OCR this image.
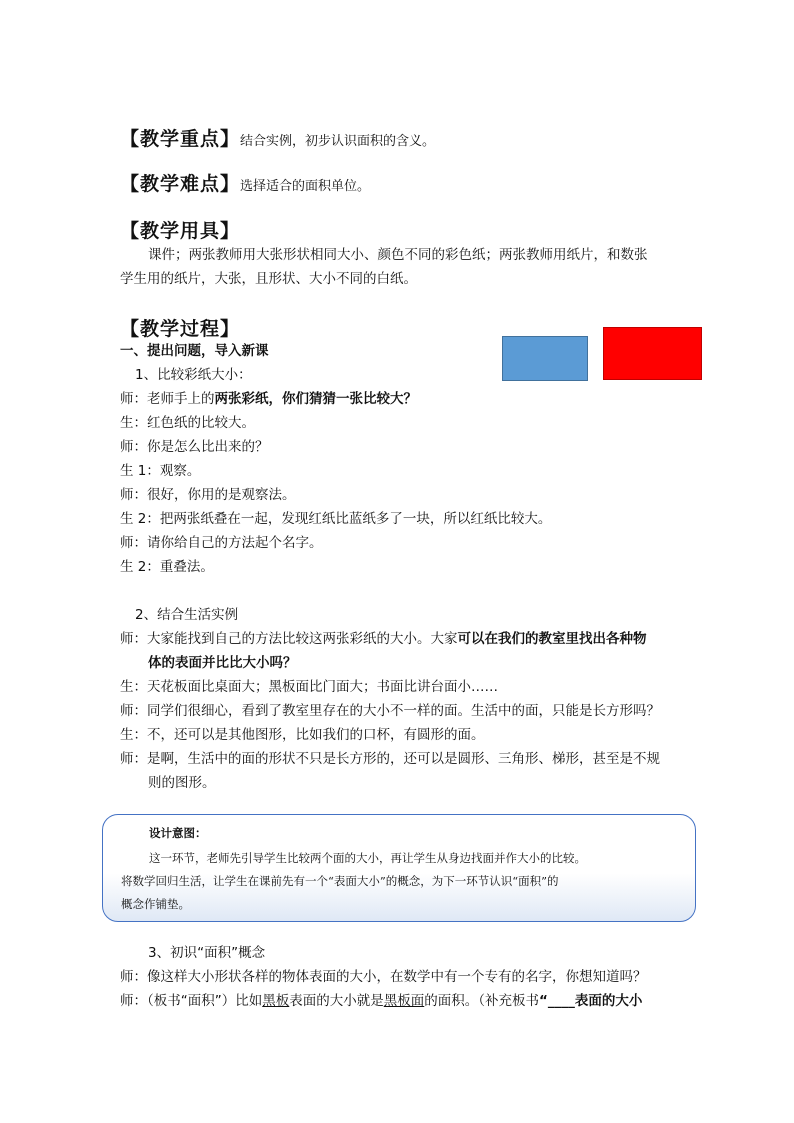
【教学重点】结合实例，初步认识面积的含义。
【教学难点】选择适合的面积单位。
【教学用具】
课件；两张教师用大张形状相同大小、颜色不同的彩色纸；两张教师用纸片，和数张
学生用的纸片，大张，且形状、大小不同的白纸。
【教学过程】
一、提出问题，导入新课
1、比较彩纸大小：
师：老师手上的两张彩纸，你们猜猜一张比较大？
生：红色纸的比较大。
师：你是怎么比出来的？
生 1：观察。
师：很好，你用的是观察法。
生 2：把两张纸叠在一起，发现红纸比蓝纸多了一块，所以红纸比较大。
师：请你给自己的方法起个名字。
生 2：重叠法。
2、结合生活实例
师：大家能找到自己的方法比较这两张彩纸的大小。大家可以在我们的教室里找出各种物
体的表面并比比大小吗？
生：天花板面比桌面大；黑板面比门面大；书面比讲台面小……
师：同学们很细心，看到了教室里存在的大小不一样的面。生活中的面，只能是长方形吗？
生：不，还可以是其他图形，比如我们的口杯，有圆形的面。
师：是啊，生活中的面的形状不只是长方形的，还可以是圆形、三角形、梯形，甚至是不规
则的图形。
设计意图：
这一环节，老师先引导学生比较两个面的大小，再让学生从身边找面并作大小的比较。
将数学回归生活，让学生在课前先有一个“表面大小”的概念，为下一环节认识“面积”的
概念作铺垫。
3、初识“面积”概念
师：像这样大小形状各样的物体表面的大小，在数学中有一个专有的名字，你想知道吗？
师：（板书“面积”）比如黑板表面的大小就是黑板面的面积。（补充板书“____表面的大小
